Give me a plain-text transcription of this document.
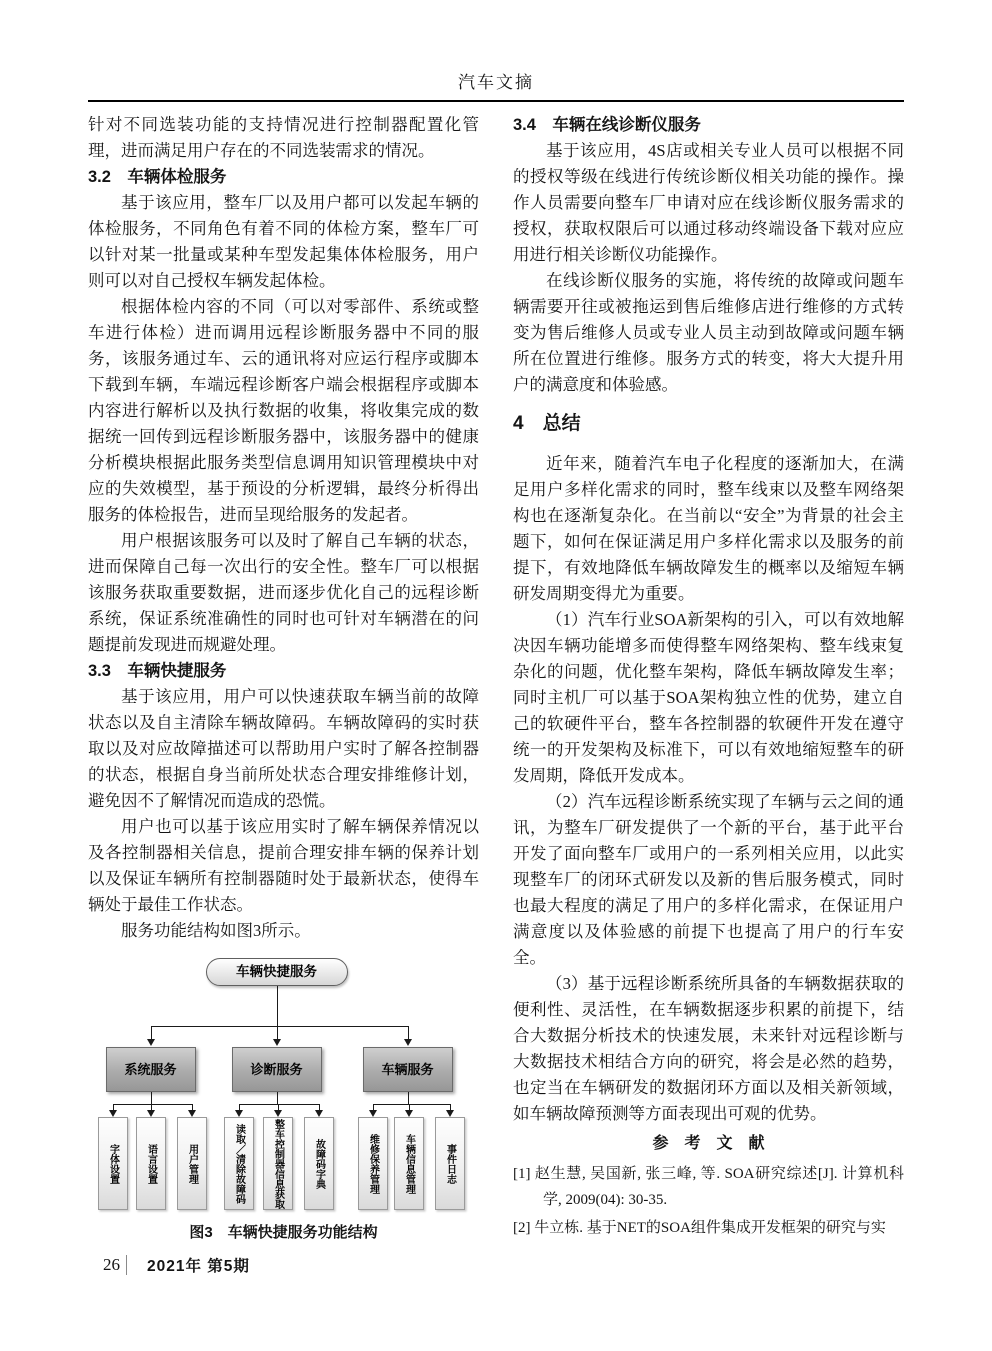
汽车文摘

针对不同选装功能的支持情况进行控制器配置化管理，进而满足用户存在的不同选装需求的情况。

3.2　车辆体检服务

基于该应用，整车厂以及用户都可以发起车辆的体检服务，不同角色有着不同的体检方案，整车厂可以针对某一批量或某种车型发起集体体检服务，用户则可以对自己授权车辆发起体检。

根据体检内容的不同（可以对零部件、系统或整车进行体检）进而调用远程诊断服务器中不同的服务，该服务通过车、云的通讯将对应运行程序或脚本下载到车辆，车端远程诊断客户端会根据程序或脚本内容进行解析以及执行数据的收集，将收集完成的数据统一回传到远程诊断服务器中，该服务器中的健康分析模块根据此服务类型信息调用知识管理模块中对应的失效模型，基于预设的分析逻辑，最终分析得出服务的体检报告，进而呈现给服务的发起者。

用户根据该服务可以及时了解自己车辆的状态，进而保障自己每一次出行的安全性。整车厂可以根据该服务获取重要数据，进而逐步优化自己的远程诊断系统，保证系统准确性的同时也可针对车辆潜在的问题提前发现进而规避处理。

3.3　车辆快捷服务

基于该应用，用户可以快速获取车辆当前的故障状态以及自主清除车辆故障码。车辆故障码的实时获取以及对应故障描述可以帮助用户实时了解各控制器的状态，根据自身当前所处状态合理安排维修计划，避免因不了解情况而造成的恐慌。

用户也可以基于该应用实时了解车辆保养情况以及各控制器相关信息，提前合理安排车辆的保养计划以及保证车辆所有控制器随时处于最新状态，使得车辆处于最佳工作状态。

服务功能结构如图3所示。

车辆快捷服务
系统服务	诊断服务	车辆服务
字体设置	语言设置	用户管理	读取／清除故障码	整车控制器信息获取	故障码字典	维修保养管理	车辆信息管理	事件日志
图3　车辆快捷服务功能结构
3.4　车辆在线诊断仪服务

基于该应用，4S店或相关专业人员可以根据不同的授权等级在线进行传统诊断仪相关功能的操作。操作人员需要向整车厂申请对应在线诊断仪服务需求的授权，获取权限后可以通过移动终端设备下载对应应用进行相关诊断仪功能操作。

在线诊断仪服务的实施，将传统的故障或问题车辆需要开往或被拖运到售后维修店进行维修的方式转变为售后维修人员或专业人员主动到故障或问题车辆所在位置进行维修。服务方式的转变，将大大提升用户的满意度和体验感。

4　总结

近年来，随着汽车电子化程度的逐渐加大，在满足用户多样化需求的同时，整车线束以及整车网络架构也在逐渐复杂化。在当前以“安全”为背景的社会主题下，如何在保证满足用户多样化需求以及服务的前提下，有效地降低车辆故障发生的概率以及缩短车辆研发周期变得尤为重要。

（1）汽车行业SOA新架构的引入，可以有效地解决因车辆功能增多而使得整车网络架构、整车线束复杂化的问题，优化整车架构，降低车辆故障发生率；同时主机厂可以基于SOA架构独立性的优势，建立自己的软硬件平台，整车各控制器的软硬件开发在遵守统一的开发架构及标准下，可以有效地缩短整车的研发周期，降低开发成本。

（2）汽车远程诊断系统实现了车辆与云之间的通讯，为整车厂研发提供了一个新的平台，基于此平台开发了面向整车厂或用户的一系列相关应用，以此实现整车厂的闭环式研发以及新的售后服务模式，同时也最大程度的满足了用户的多样化需求，在保证用户满意度以及体验感的前提下也提高了用户的行车安全。

（3）基于远程诊断系统所具备的车辆数据获取的便利性、灵活性，在车辆数据逐步积累的前提下，结合大数据分析技术的快速发展，未来针对远程诊断与大数据技术相结合方向的研究，将会是必然的趋势，也定当在车辆研发的数据闭环方面以及相关新领域，如车辆故障预测等方面表现出可观的优势。

参　考　文　献

[1] 赵生慧, 吴国新, 张三峰, 等. SOA研究综述[J]. 计算机科学, 2009(04): 30-35.

[2] 牛立栋. 基于NET的SOA组件集成开发框架的研究与实

26 2021年 第5期
